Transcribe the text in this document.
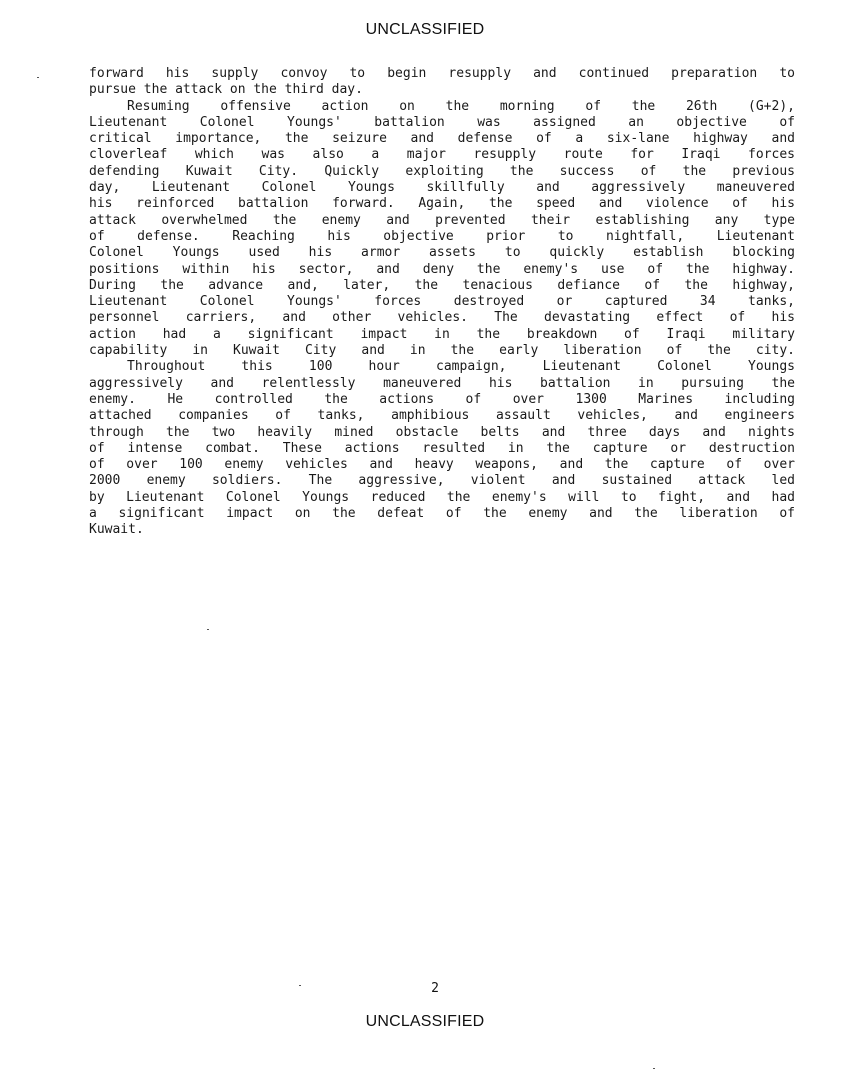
UNCLASSIFIED
forward his supply convoy to begin resupply and continued preparation to
pursue the attack on the third day.
Resuming offensive action on the morning of the 26th (G+2),
Lieutenant Colonel Youngs' battalion was assigned an objective of
critical importance, the seizure and defense of a six-lane highway and
cloverleaf which was also a major resupply route for Iraqi forces
defending Kuwait City. Quickly exploiting the success of the previous
day, Lieutenant Colonel Youngs skillfully and aggressively maneuvered
his reinforced battalion forward. Again, the speed and violence of his
attack overwhelmed the enemy and prevented their establishing any type
of defense. Reaching his objective prior to nightfall, Lieutenant
Colonel Youngs used his armor assets to quickly establish blocking
positions within his sector, and deny the enemy's use of the highway.
During the advance and, later, the tenacious defiance of the highway,
Lieutenant Colonel Youngs' forces destroyed or captured 34 tanks,
personnel carriers, and other vehicles. The devastating effect of his
action had a significant impact in the breakdown of Iraqi military
capability in Kuwait City and in the early liberation of the city.
Throughout this 100 hour campaign, Lieutenant Colonel Youngs
aggressively and relentlessly maneuvered his battalion in pursuing the
enemy. He controlled the actions of over 1300 Marines including
attached companies of tanks, amphibious assault vehicles, and engineers
through the two heavily mined obstacle belts and three days and nights
of intense combat. These actions resulted in the capture or destruction
of over 100 enemy vehicles and heavy weapons, and the capture of over
2000 enemy soldiers. The aggressive, violent and sustained attack led
by Lieutenant Colonel Youngs reduced the enemy's will to fight, and had
a significant impact on the defeat of the enemy and the liberation of
Kuwait.
2
UNCLASSIFIED
